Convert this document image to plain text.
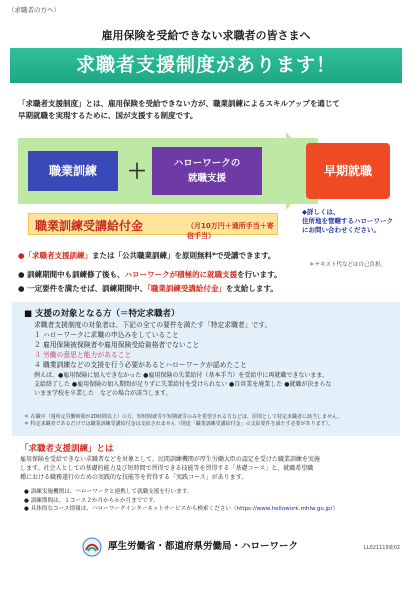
（求職者の方へ）
雇用保険を受給できない求職者の皆さまへ
求職者支援制度があります！
「求職者支援制度」とは、雇用保険を受給できない方が、職業訓練によるスキルアップを通じて
早期就職を実現するために、国が支援する制度です。
職業訓練	＋	ハローワークの
就職支援
早期就職
職業訓練受講給付金	（月10万円＋通所手当＋寄宿手当）
◆詳しくは、
住所地を管轄するハローワーク
にお問い合わせください。
●「求職者支援訓練」または「公共職業訓練」を原則無料*で受講できます。
＊テキスト代などは自己負担。
● 訓練期間中も訓練修了後も、ハローワークが積極的に就職支援を行います。
● 一定要件を満たせば、訓練期間中、「職業訓練受講給付金」を支給します。
■ 支援の対象となる方（＝特定求職者）
求職者支援制度の対象者は、下記の全ての要件を満たす「特定求職者」です。
１ ハローワークに求職の申込みをしていること
２ 雇用保険被保険者や雇用保険受給資格者でないこと
３ 労働の意思と能力があること
４ 職業訓練などの支援を行う必要があるとハローワークが認めたこと
例えば、●雇用保険に加入できなかった ●雇用保険の失業給付（基本手当）を受給中に再就職できないまま、
支給終了した ●雇用保険の加入期間が足りずに失業給付を受けられない ●自営業を廃業した ●就職が決まらな
いまま学校を卒業した　などの場合が該当します。
＊ 在職中（週所定労働時間が20時間以上）の方、短時間就労や短期就労のみを希望される方などは、原則として特定求職者に該当しません。
＊ 特定求職者であるだけでは職業訓練受講給付金は支給されません（別途「職業訓練受講給付金」の支給要件を満たす必要があります）。
「求職者支援訓練」とは
雇用保険を受給できない求職者などを対象として、民間訓練機関が厚生労働大臣の認定を受けた職業訓練を実施
します。社会人としての基礎的能力及び短時間で習得できる技能等を習得する「基礎コース」と、就職希望職
種における職務遂行のための実践的な技能等を習得する「実践コース」があります。
● 訓練実施機関は、ハローワークと連携して就職支援を行います。
● 訓練期間は、１コース２か月から６か月までです。
● 具体的なコース情報は、ハローワークインターネットサービスから検索ください（https://www.hellowork.mhlw.go.jp/）
厚生労働省・都道府県労働局・ハローワーク	LL021119鹿02
